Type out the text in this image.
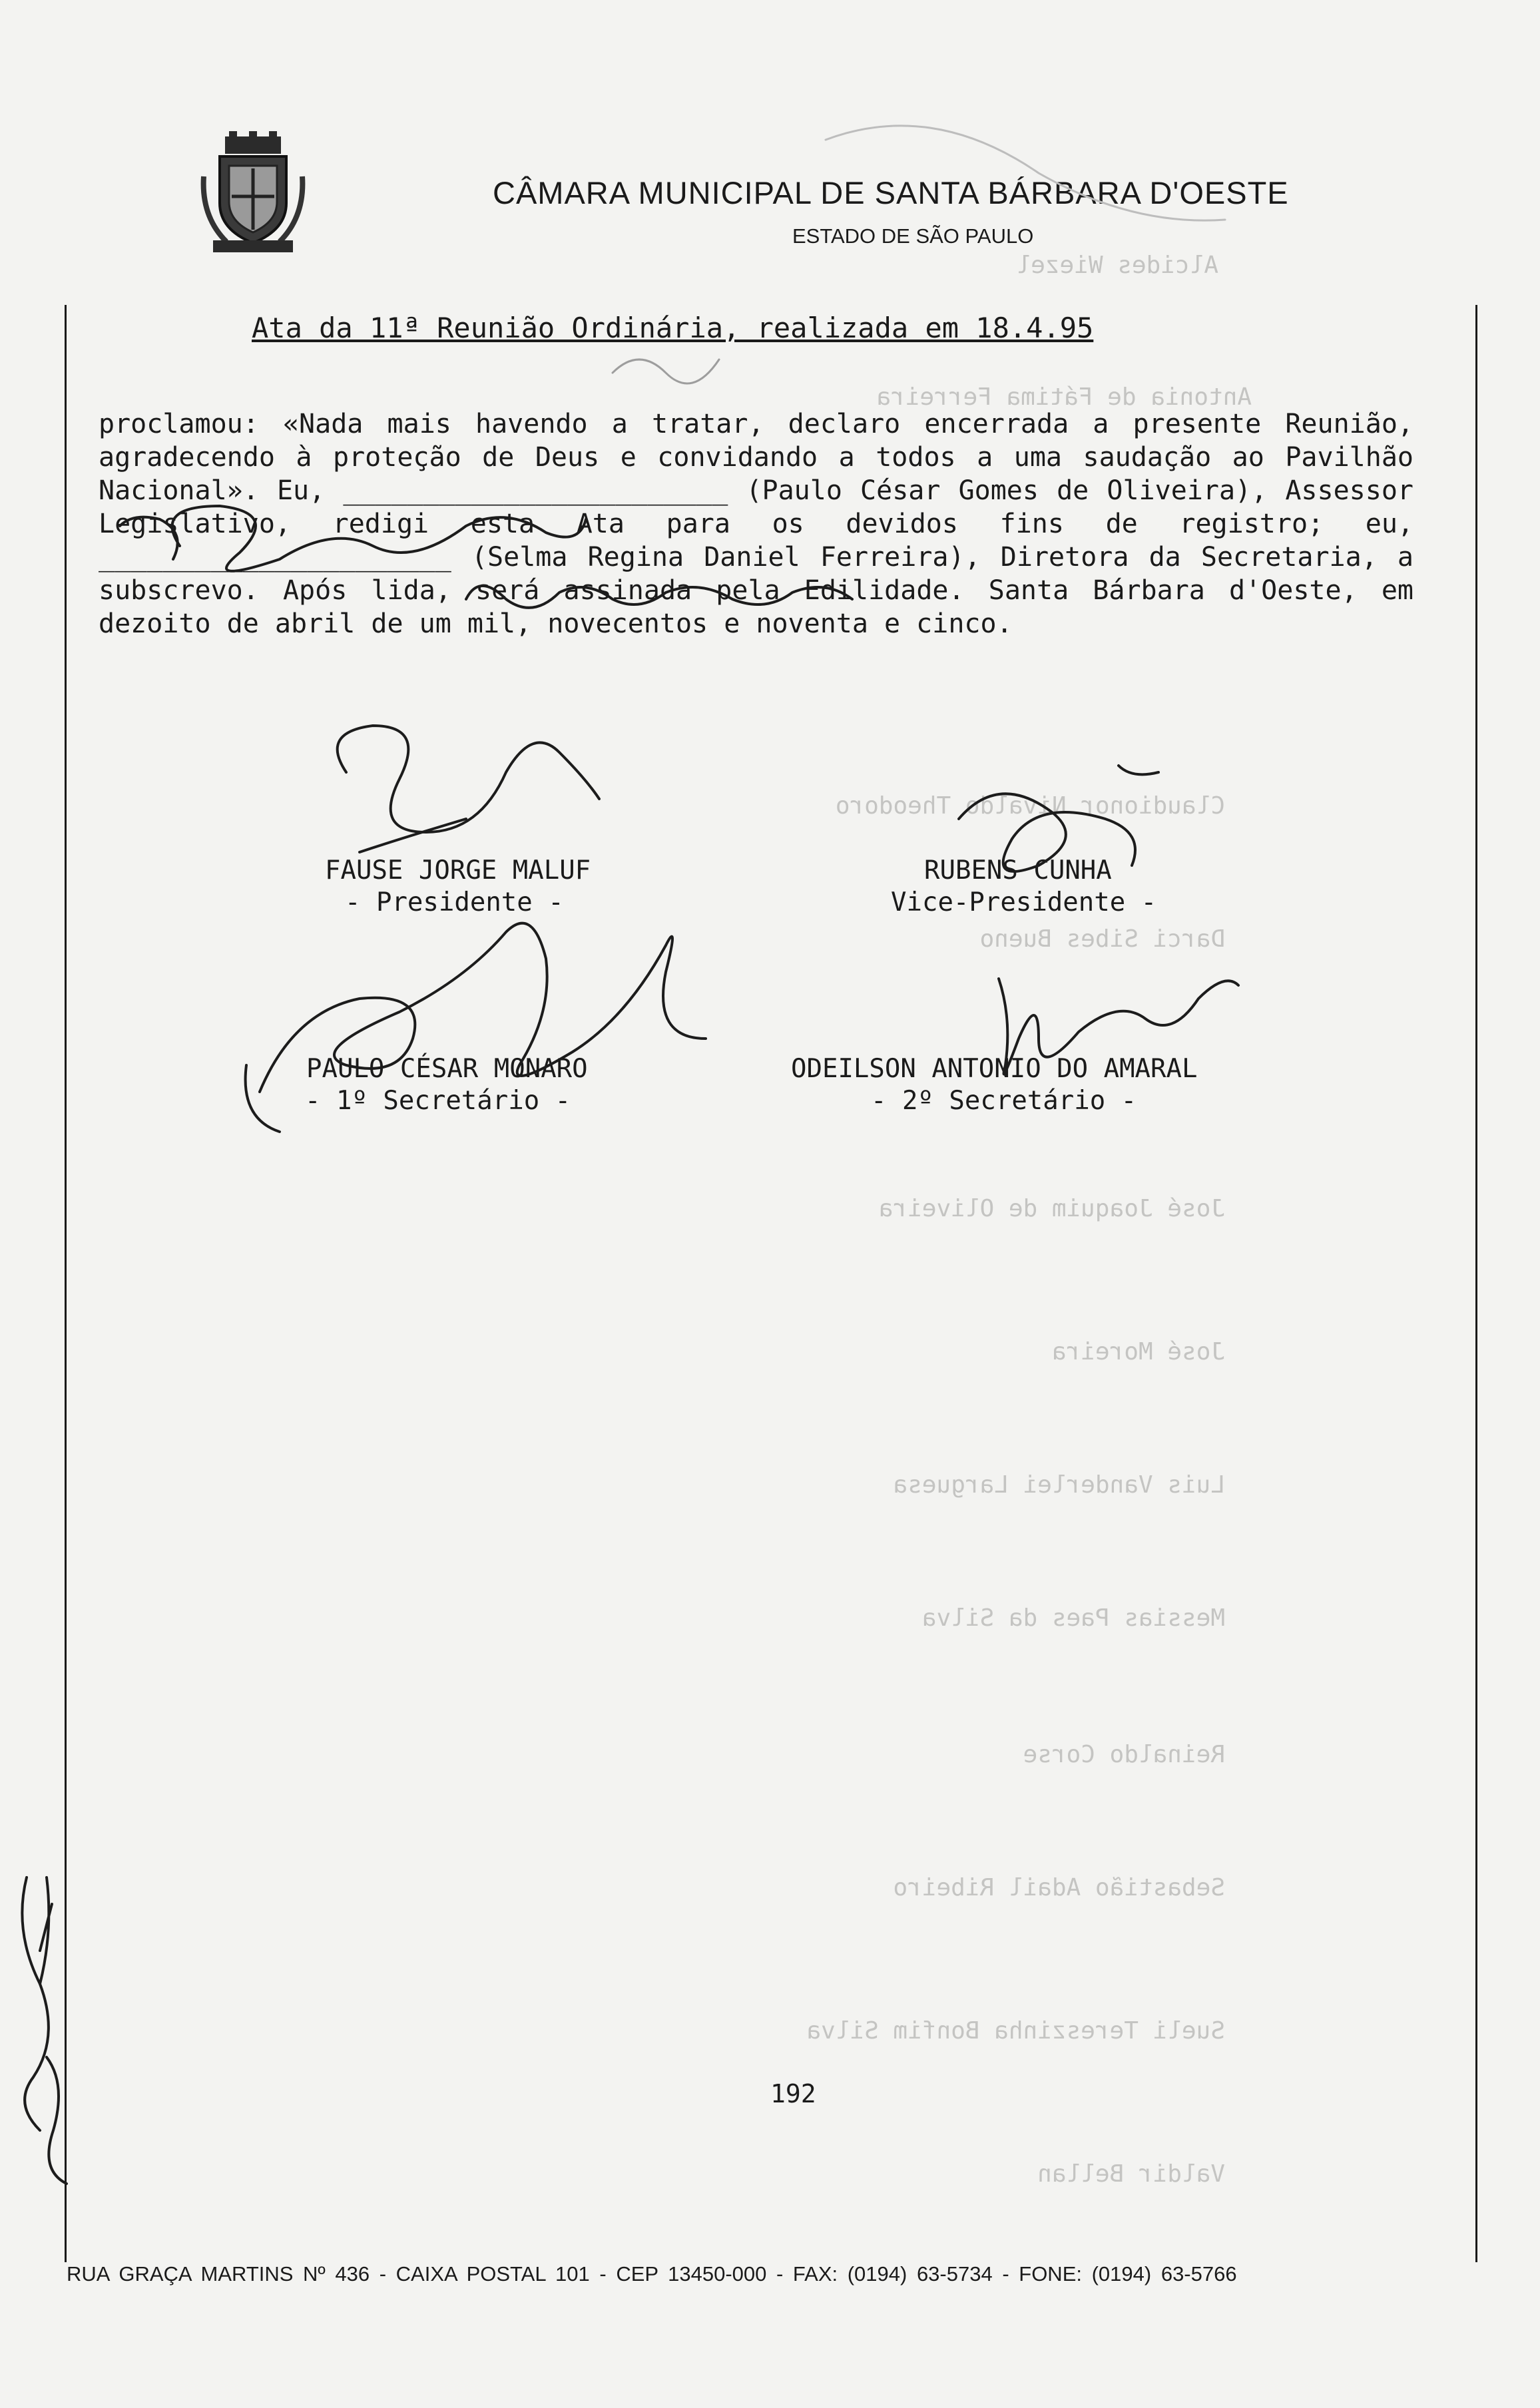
CÂMARA MUNICIPAL DE SANTA BÁRBARA D'OESTE
ESTADO DE SÃO PAULO
Alcides Wiezel
Antonia de Fátima Ferreira
Claudionor Nivaldo Theodoro
Darci Sibes Bueno
José Joaquim de Oliveira
José Moreira
Luis Vanderlei Larguesa
Messias Paes da Silva
Reinaldo Corse
Sebastião Adail Ribeiro
Sueli Tereszinha Bonfim Silva
Valdir Bellan
Ata da 11ª Reunião Ordinária, realizada em 18.4.95

proclamou: «Nada mais havendo a tratar, declaro encerrada a presente Reunião, agradecendo à proteção de Deus e convidando a todos a uma saudação ao Pavilhão Nacional». Eu, ________________________ (Paulo César Gomes de Oliveira), Assessor Legislativo, redigi esta Ata para os devidos fins de registro; eu, ______________________ (Selma Regina Daniel Ferreira), Diretora da Secretaria, a subscrevo. Após lida, será assinada pela Edilidade. Santa Bárbara d'Oeste, em dezoito de abril de um mil, novecentos e noventa e cinco.

FAUSE JORGE MALUF
- Presidente -
RUBENS CUNHA
Vice-Presidente -
PAULO CÉSAR MONARO
- 1º Secretário -
ODEILSON ANTONIO DO AMARAL
- 2º Secretário -
192
RUA GRAÇA MARTINS Nº 436 - CAIXA POSTAL 101 - CEP 13450-000 - FAX: (0194) 63-5734 - FONE: (0194) 63-5766
